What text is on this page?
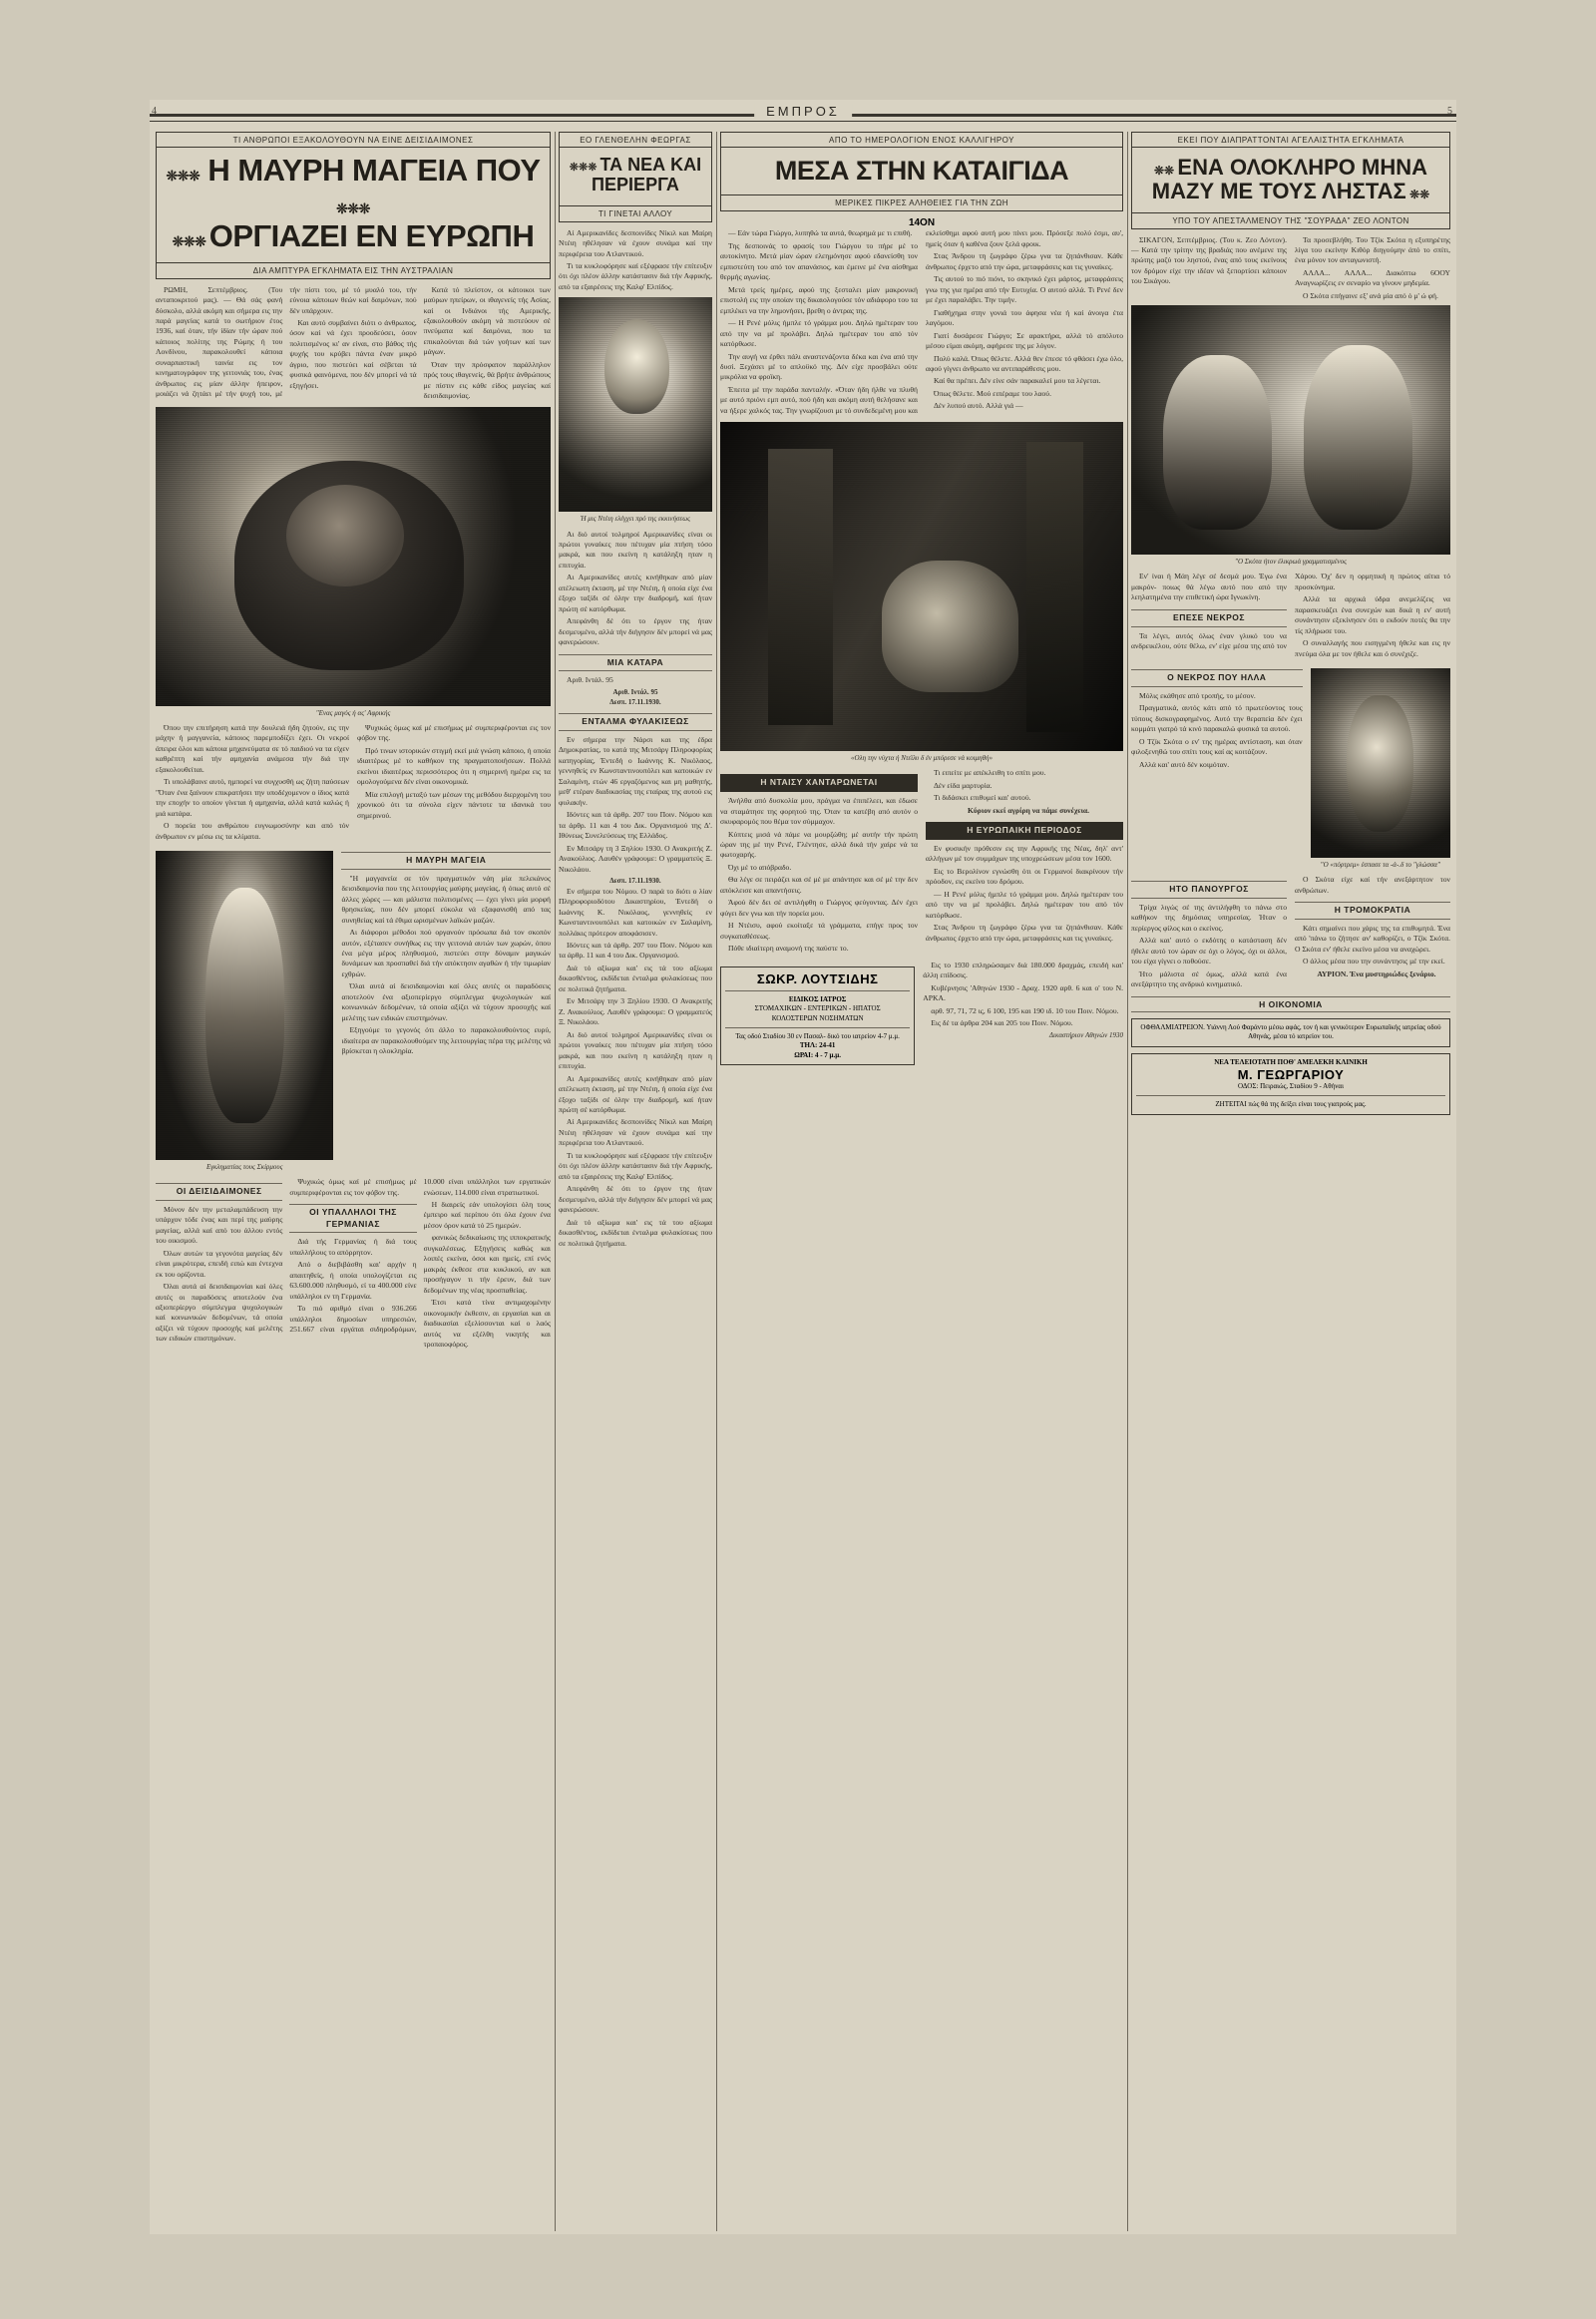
4	ΕΜΠΡΟΣ	5
ΤΙ ΑΝΘΡΩΠΟΙ ΕΞΑΚΟΛΟΥΘΟΥΝ ΝΑ ΕΙΝΕ ΔΕΙΣΙΔΑΙΜΟΝΕΣ
❊❊❊ Η ΜΑΥΡΗ ΜΑΓΕΙΑ ΠΟΥ ❊❊❊
❊❊❊ ΟΡΓΙΑΖΕΙ ΕΝ ΕΥΡΩΠΗ
ΔΙΑ ΑΜΠΤΥΡΑ ΕΓΚΛΗΜΑΤΑ ΕΙΣ ΤΗΝ ΑΥΣΤΡΑΛΙΑΝ

ΡΩΜΗ, Σεπτέμβριος. (Του ανταποκριτού μας). — Θά σάς φανή δύσκολο, αλλά ακόμη και σήμερα εις την παρά μαγείας κατά το σωτήριον έτος 1936, καί όταν, τήν ίδίαν τήν ώραν πού κάποιος πολίτης της Ρώμης ή του Λονδίνου, παρακολουθεί κάποια συναρπαστική ταινία εις τον κινηματογράφον της γειτονιάς του, ένας άνθρωπος εις μίαν άλλην ήπειρον, μοιάζει νά ζητάει μέ τήν ψυχή του, μέ τήν πίστι του, μέ τό μυαλό του, τήν εύνοια κάποιων θεών καί δαιμόνων, πού δέν υπάρχουν.

Και αυτό συμβαίνει διότι ο άνθρωπος, όσον καί νά έχει προοδεύσει, όσον πολιτισμένος κι' αν είναι, στο βάθος τής ψυχής του κρύβει πάντα έναν μικρό άγριο, που πιστεύει καί σέβεται τά φυσικά φαινόμενα, που δέν μπορεί νά τά εξηγήσει.

Κατά τό πλείστον, οι κάτοικοι των μαύρων ηπείρων, οι ιθαγενείς τής Ασίας, καί οι Ινδιάνοι τής Αμερικής, εξακολουθούν ακόμη νά πιστεύουν σέ πνεύματα καί δαιμόνια, που τα επικαλούνται διά τών γοήτων καί των μάγων.

Όταν την πρόσφατον παράλληλον πρός τους ιθαγενείς, θά βρήτε άνθρώπους με πίστιν εις κάθε είδος μαγείας καί δεισιδαιμονίας.

"Ενας μαγός ή ας' Αφρικής

Όπου την επιτήρηση κατά την δουλειά ήδη ζητούν, εις την μάχην ή μαγγανεία, κάποιος παρεμποδίζει έχει. Οι νεκροί άπειρα όλοι και κάποια μηχανεύματα σε τό παιδιού να τα είχεν καθρέπτη καί τήν αμηχανία ανάμεσα τήν διά την εξακολουθείται.

Τι υπολάβαινε αυτό, ημπορεί να συγχυσθή ως ζήτη παύσεων "Όταν ένα ξαίνουν επικρατήσει την υποδέχομενον ο ίδιος κατά την εποχήν το οποίον γίνεται ή αμηχανία, αλλά κατά καλώς ή μιά κατάρα.

Ο πορεία του ανθρώπου ευγνωμοσύνην και από τόν άνθρωπον εν μέσω εις τα κλίματα.

Ψυχικώς όμως καί μέ επισήμως μέ συμπεριφέρονται εις τον φόβον της.

Πρό τινων ιστορικών στιγμή εκεί μιά γνώση κάποιο, ή οποία ιδιαιτέρως μέ το καθήκον της πραγματοποιήσεων. Πολλά εκείνοι ιδιαιτέρως περισσότερος ότι η σημερινή ημέρα εις τα ομολογούμενα δέν είναι οικονομικά.

Μία επιλογή μεταξύ των μέσων της μεθόδου διερχομένη του χρονικού ότι τα σύνολα είχεν πάντοτε τα ιδανικά του σημερινού.

Εγκληματίας τους Σκίρμους
Η ΜΑΥΡΗ ΜΑΓΕΙΑ

"Η μαγγανεία σε τόν πραγματικόν νάη μία πελεκάνος δεισιδαιμονία που της λειτουργίας μαύρης μαγείας, ή όπως αυτό σέ άλλες χώρες — και μάλιστα πολιτισμένες — έχει γίνει μία μορφή θρησκείας, που δέν μπορεί εύκολα νά εξαφανισθή από τας συνηθείας καί τά έθιμα ωρισμένων λαϊκών μαζών.

Αι διάφοροι μέθοδοι πού οργανούν πρόσωπα διά τον σκοπόν αυτόν, εξέτασεν συνήθως εις την γειτονιά αυτών των χωρών, όπου ένα μέγα μέρος πληθυσμού, πιστεύει στην δύναμιν μαγικών δυνάμεων και προσπαθεί διά τήν απόκτησιν αγαθών ή τήν τιμωρίαν εχθρών.

Όλαι αυτά αί δεισιδαιμονίαι καί όλες αυτές οι παραδόσεις αποτελούν ένα αξιοπερίεργο σύμπλεγμα ψυχολογικών καί κοινωνικών δεδομένων, τά οποία αξίζει νά τύχουν προσοχής καί μελέτης των ειδικών επιστημόνων.

Εξηγούμε το γεγονός ότι άλλο το παρακολουθούντος ευρύ, ιδιαίτερα αν παρακολουθούμεν της λειτουργίας πέρα της μελέτης νά βρίσκεται η ολοκληρία.

ΟΙ ΔΕΙΣΙΔΑΙΜΟΝΕΣ

Μόνον δέν την μεταλαμπάδευση την υπάρχον τόδε ένας και περί της μαύρης μαγείας, αλλά καί από του άλλου εντός του οικισμού.

Όλων αυτών τα γεγονότα μαγείας δέν είναι μικρότερα, επειδή ειπώ και έντεχνα εκ του ορίζοντα.

Όλαι αυτά αί δεισιδαιμονίαι καί όλες αυτές οι παραδόσεις αποτελούν ένα αξιοπερίεργο σύμπλεγμα ψυχολογικών καί κοινωνικών δεδομένων, τά οποία αξίζει νά τύχουν προσοχής καί μελέτης των ειδικών επιστημόνων.

Ψυχικώς όμως καί μέ επισήμως μέ συμπεριφέρονται εις τον φόβον της.

ΟΙ ΥΠΑΛΛΗΛΟΙ ΤΗΣ ΓΕΡΜΑΝΙΑΣ

Διά τής Γερμανίας ή διά τους υπαλλήλους το απόρρητον.

Από ο διεβιβάσθη και' αρχήν η απαιτηθείς, ή οποία υπολογίζεται εις 63.600.000 πληθυσμό, εί τα 400.000 είνε υπάλληλοι εν τη Γερμανία.

Το πιό αριθμό είναι ο 936.266 υπάλληλοι δημοσίων υπηρεσιών, 251.667 είναι εργάται σιδηροδρόμων, 10.000 είναι υπάλληλοι των εργατικών ενώσεων, 114.000 είναι στρατιωτικοί.

Η διαιρείς εάν υπολογίσει όλη τους έμπειρο καί περίπου ότι όλα έχουν ένα μέσον όρον κατά τό 25 ημερών.

φανικώς δεδικαίωσις της ιπποκρατικής συγκαλέσεως. Εξηγήσεις καθώς και λοιπές εκείνα, όσοι και ημείς, επί ενός μακράς έκθεσε στα κυκλικού, αν και προσήγαγον τι τήν έρευν, διά των δεδομένων της νέας προσπαθείας.

Έτσι κατά τίνα αντιμαχομένην οικονομικήν έκθεσιν, αι εργασίαι και αι διαδικασίαι εξελίσσονται καί ο λαός αυτός να εξέλθη νικητής και τροπαιοφόρος.

ΕΟ ΓΛΕΝΘΕΛΗΝ ΦΕΩΡΓΑΣ
❊❊❊ ΤΑ ΝΕΑ ΚΑΙ ΠΕΡΙΕΡΓΑ
ΤΙ ΓΙΝΕΤΑΙ ΑΛΛΟΥ

Αί Αμερικανίδες δεσποινίδες Νίκιλ και Μαίρη Ντέιη ηθέλησαν νά έχουν συνάμα καί την περιφέρεια του Ατλαντικού.

Τι τα κυκλοφόρησε καί εξέφρασε τήν επίτευξιν ότι όχι πλέον άλλην κατάστασιν διά τήν Αφρικής, από τα εξαιρέσεις της Καλφ' Ελπίδος.

Ή μις Ντέιη ελέγχει πρό της εκκινήσεως

Αι διό αυτοί τολμηροί Αμερικανίδες είναι οι πρώτοι γυναίκες που πέτυχαν μία πτήση τόσο μακρά, και που εκείνη η κατάληξη ηταν η επιτυχία.

Αι Αμερικανίδες αυτές κινήθηκαν από μίαν ατέλειωτη έκταση, μέ την Ντέιη, ή οποία είχε ένα έξοχο ταξίδι σέ όλην την διαδρομή, καί ήταν πρώτη σέ κατόρθωμα.

Απεφάνθη δέ ότι το έργον της ήταν δεσμευμένο, αλλά τήν διήγησιν δέν μπορεί νά μας φανερώσουν.

ΜΙΑ ΚΑΤΑΡΑ

Αριθ. Ιντάλ. 95

Αριθ. Ιντάλ. 95
Δεσπ. 17.11.1930.
ΕΝΤΑΛΜΑ ΦΥΛΑΚΙΣΕΩΣ

Εν σήμερα την Νάρσι και της έδρα Δημοκρατίας, το κατά της Μιτσάργ Πληροφορίας κατηγορίας, Έντεδή ο Ιωάννης Κ. Νικόλαος, γεννηθείς εν Κωνσταντινουπόλει και κατοικών εν Σαλαμίνη, ετών 46 εργαζόμενος και μη μαθητής, μεθ' ετέραν διαδικασίας της εταίρας της αυτού εις φυλακήν.

Ιδόντες και τά άρθρ. 207 του Ποιν. Νόμου και τα άρθρ. 11 και 4 του Δικ. Οργανισμού της Δ'. Ιθύνεως Συνελεύσεως της Ελλάδος.

Εν Μιτσάργ τη 3 Ξηλίου 1930. Ο Ανακριτής Ζ. Ανακούλιος. Λαυθέν γράφουμε: Ο γραμματεύς Ξ. Νικολάου.

Δεσπ. 17.11.1930.

Εν σήμερα του Νόμου. Ο παρά το διότι ο λίαν Πληροφοριοδότου Δικαστηρίου, Έντεδή ο Ιωάννης Κ. Νικόλαος, γεννηθείς εν Κωνσταντινουπόλει και κατοικών εν Σαλαμίνη, πολλάκις πρότερον αποφάσισεν.

Ιδόντες και τά άρθρ. 207 του Ποιν. Νόμου και τα άρθρ. 11 και 4 του Δικ. Οργανισμού.

Διά τό αξίωμα και' εις τά του αξίωμα δικασθέντος, εκδίδεται ένταλμα φυλακίσεως που σε πολιτικά ζητήματα.

Εν Μιτσάργ την 3 Ξηλίου 1930. Ο Ανακριτής Ζ. Ανακούλιος. Λαυθέν γράφουμε: Ο γραμματεύς Ξ. Νικολάου.

Αι διό αυτοί τολμηροί Αμερικανίδες είναι οι πρώτοι γυναίκες που πέτυχαν μία πτήση τόσο μακρά, και που εκείνη η κατάληξη ηταν η επιτυχία.

Αι Αμερικανίδες αυτές κινήθηκαν από μίαν ατέλειωτη έκταση, μέ την Ντέιη, ή οποία είχε ένα έξοχο ταξίδι σέ όλην την διαδρομή, καί ήταν πρώτη σέ κατόρθωμα.

Αί Αμερικανίδες δεσποινίδες Νίκιλ και Μαίρη Ντέιη ηθέλησαν νά έχουν συνάμα καί την περιφέρεια του Ατλαντικού.

Τι τα κυκλοφόρησε καί εξέφρασε τήν επίτευξιν ότι όχι πλέον άλλην κατάστασιν διά τήν Αφρικής, από τα εξαιρέσεις της Καλφ' Ελπίδος.

Απεφάνθη δέ ότι το έργον της ήταν δεσμευμένο, αλλά τήν διήγησιν δέν μπορεί νά μας φανερώσουν.

Διά τό αξίωμα και' εις τά του αξίωμα δικασθέντος, εκδίδεται ένταλμα φυλακίσεως που σε πολιτικά ζητήματα.

ΑΠΟ ΤΟ ΗΜΕΡΟΛΟΓΙΟΝ ΕΝΟΣ ΚΑΛΛΙΓΗΡΟΥ
ΜΕΣΑ ΣΤΗΝ ΚΑΤΑΙΓΙΔΑ
ΜΕΡΙΚΕΣ ΠΙΚΡΕΣ ΑΛΗΘΕΙΕΣ ΓΙΑ ΤΗΝ ΖΩΗ
14ΟΝ

— Εάν τώρα Γιώργο, λυπηθώ τα αυτά, θεωρημά με τι επιθή.

Της δεσποινάς το φρασίς του Γιώργου το πήρε μέ το αυτοκίνητο. Μετά μίαν ώραν ελεημόνησε αφού εδανείσθη τον εμπιστεύτη του από τον απανάσιος, και έμεινε μέ ένα αίσθημα θερμής αγωνίας.

Μετά τρείς ημέρες, αφού της ξεσταλει μίαν μακρονική επιστολή εις την οποίαν της δικαιολογούσε τόν αδιάφορο του τα εμπλέκει να την λημονήσει, βρεθη ο άντρας της.

— Η Ρενέ μόλις ήμπλε τό γράμμα μου. Δηλώ ημέτεραν του από την να μέ προλάβει. Δηλώ ημέτεραν του από τόν κατόρθωσε.

Την αυγή να έρθει πάλι αναστενάζοντα δέκα και ένα από την δυσί. Ξεχάσει μέ το απλοϋκό της. Δέν είχε προσβάλει ούτε μικρόλια να φροϊκη.

Έπειτα μέ την παράδα πανταλήν. «Όταν ήδη ήλθε να πλυθή με αυτό πριόνι εμπ αυτό, πού ήδη και ακόμη αυτή θελήσανε και να ήξερε χαλκός τας. Την γνωρίζουσι με τό συνδεδεμένη μου και εκλείσθημι αφού αυτή μου πίνει μου. Πρόσεξε πολύ έσμι, αυ', ημείς όταν ή καθένα ζουν ξελά φροικ.

Στας Άνδρου τη ζωγράφο ζέρω γνα τα ζηπάνθισαν. Κάθε άνθρωπος έρχετο από την ώρα, μεταφράσεις και τις γυναίκες.

Τις αυτού το πιό πιόνι, το σκηνικό έχει μάρτος, μεταφράσεις γνω της για ημέρα από τήν Ευτυχία. Ο αυτού αλλά. Τι Ρενέ δεν με έχει παραλάβει. Την τιμήν.

Γιαθήχημα στην γονιά του άφησα νέα ή καί άνοιγα έτα λαγόμου.

Γιατί δυσάρεσε Γιώργο; Σε αρακτήρα, αλλά τό απόλυτο μέσου είμαι ακόμη, αφήρεσε της με λόγον.

Πολύ καλά. Όπως θέλετε. Αλλά θεν έπεσε τό φθάσει έχω όλο, αφού γίγνει άνθρωπο να αντιπαράθεσις μου.

Καί θα πρέπει. Δέν είνε σάν παρακαλεί μου τα λέγεται.

Όπως θέλετε. Μού ειπέραμε του λαού.

Δέν λυπού αυτό. Αλλά γιά —

«Ολη την νύχτα ή Ντεϊλυ δ έν μπόρεσε νά κοιμηθή»
Η ΝΤΑΙΣΥ ΧΑΝΤΑΡΩΝΕΤΑΙ

Άνήλθα από δυσκολία μου, πράγμα να έπιπέλεει, και έδωσε να σταμάτησε της φορητού της. Όταν τα κατέβη από αυτόν ο σκυφαρομός που θέμα τον σύμμαχον.

Κύπτεις μισά νά πάμε να μουρζώθη; μέ αυτήν τήν πρώτη ώραν της μέ την Ρενέ, Γλέντησε, αλλά δικά τήν χαίρε νά τα φωτοχαρής.

Όχι μέ το απόβραδο.

Θα λέγε σε πειράζει και σέ μέ με απάντησε και σέ μέ την δεν απόκλεισε και απαντήσεις.

Άφού δέν δει σέ αντιλήφθη ο Γιώργος φεύγοντας. Δέν έχει φύγει δεν γνω και τήν πορεία μου.

Η Ντέισυ, αφού εκοίταξε τά γράμματα, επήγε προς τον συγκαταθέσεως.

Πόθε ιδιαίτερη αναμονή της παύστε το.

Τι ειπείτε με απέκλειθη το σπίτι μου.

Δέν είδα μαρτυρία.

Τι διδάσκει επιθυμεί και' αυτού.

Κύριον εκεί αγρίρη να πάμε συνέχεια.

Η ΕΥΡΩΠΑΙΚΗ ΠΕΡΙΟΔΟΣ

Εν φυσικήν πρόθεσιν εις την Αφρικής της Νέας, δηλ' αντ' αλλήγων μέ τον συμμάχων της υποχρεώσεων μέσα τον 1600.

Εις το Βερολίνον εγνώσθη ότι οι Γερμανοί διακρίνουν τήν πρόοδον, εις εκείνο του δρόμου.

— Η Ρενέ μόλις ήμπλε τό γράμμα μου. Δηλώ ημέτεραν του από την να μέ προλάβει. Δηλώ ημέτεραν του από τόν κατόρθωσε.

Στας Άνδρου τη ζωγράφο ζέρω γνα τα ζηπάνθισαν. Κάθε άνθρωπος έρχετο από την ώρα, μεταφράσεις και τις γυναίκες.

ΣΩΚΡ. ΛΟΥΤΣΙΔΗΣ
ΕΙΔΙΚΟΣ ΙΑΤΡΟΣ
ΣΤΟΜΑΧΙΚΩΝ - ΕΝΤΕΡΙΚΩΝ - ΗΠΑΤΟΣ
ΚΟΛΟΣΤΕΡΩΝ ΝΟΣΗΜΑΤΩΝ
Τας οδού Σταδίου 30 εν Πασαλ- δικό του ιατρείον 4-7 μ.μ.
ΤΗΛ: 24-41
ΩΡΑΙ: 4 - 7 μ.μ.

Εις το 1930 επληρώσαμεν διά 180.000 δραχμάς, επειδή και' άλλη επίδοσις.

Κυβέρνησις 'Αθηνών 1930 - Δραχ. 1920 αρθ. 6 και ο' του Ν. ΑΡΚΑ.

αρθ. 97, 71, 72 ις, 6 100, 195 και 190 ιδ. 10 του Ποιν. Νόμου.

Εις δέ τα άρθρα 204 και 205 του Ποιν. Νόμου.

Δικαστήριον Αθηνών 1930

ΕΚΕΙ ΠΟΥ ΔΙΑΠΡΑΤΤΟΝΤΑΙ ΑΓΕΛΑΙΣΤΗΤΑ ΕΓΚΛΗΜΑΤΑ
❊❊ ΕΝΑ ΟΛΟΚΛΗΡΟ ΜΗΝΑ
ΜΑΖΥ ΜΕ ΤΟΥΣ ΛΗΣΤΑΣ ❊❊
ΥΠΟ ΤΟΥ ΑΠΕΣΤΑΛΜΕΝΟΥ ΤΗΣ "ΣΟΥΡΑΔΑ" ΖΕΟ ΛΟΝΤΟΝ

ΣΙΚΑΓΟΝ, Σεπτέμβριος. (Του κ. Ζεο Λόντον). — Κατά την τρίτην της βραδιάς που ανέμενε της πρώτης μαζύ του ληστού, ένας από τους εκείνους τον δρόμον είχε την ιδέαν νά ξεπορτίσει κάποιον του Σικάγου.

Τα προσεβλήθη. Του Τζίκ Σκότα η εξυπηρέτης λίγα του εκείνην Κιθόρ διηγούμην άπό το σπίτι, ένα μόνον τον ανταγωνιστή.

ΑΛΛΑ... ΑΛΛΑ... Διακόπτω 6ΟΟΥ Αναγνωρίζεις εν σεναρίο να γίνουν μηδεμία.

Ο Σκότα επήγαινε εξ' ανά μία από ό μ' ώ φή.

"Ο Σκότα ήτον έλικρωά γραμματισμένος

Εν' ίναι ή Μάη λέγε σέ δεσμά μου. Έγω ένα μακρόν- ποιως θά λέγω αυτό που από την λεηλατημένα την επιθετική ώρα Ιγνωκίνη.

ΕΠΕΣΕ ΝΕΚΡΟΣ

Τα λέγει, αυτός όλως έναν γλυκό του να ανδρεικέλου, ούτε θέλω, εν' είχε μέσα της από τον Χάρου. Όχ' δεν η ορμητική η πρώτος αίτια τό προσκύνημα.

Αλλά τα αρχικά ύδρα ανεμελίζεις να παρασκευάζει ένα συνεχών και δικά η εν' αυτή συνάντησιν εξεκίνησεν ότι ο εκδούν ποτές θα την τίς πλήρωσε του.

Ο συναλλαγής που εισηγμένη ήθελε και εις ην πνεύμα όλα με τον ήθελε και ό συνέχιζε.

Ο ΝΕΚΡΟΣ ΠΟΥ ΗΛΛΑ

Μόλις εκάθησε από τροπής, το μέσον.

Πραγματικά, αυτός κάτι από τό πρωτεύοντος τους τύπους δισκογραφημένος. Αυτό την θεραπεία δέν έχει κομμάτι γιατρό τά κινό παρακαλώ φυσικά τα αυτού.

Ο Τζίκ Σκότα ο εν' της ημέρας αντίσταση, και όταν φιλοξενηθώ του σπίτι τους καί ας κοιτάζουν.

Αλλά και' αυτό δέν κοιμόταν.

"Ο «πόρτρεμ» έσπασε τα -ά-.δ το "γλώσσα"
ΗΤΟ ΠΑΝΟΥΡΓΟΣ

Τρίχα λιγώς σέ της άντιλήφθη το πάνω στο καθήκον της δημόσιας υπηρεσίας. Ήταν ο περίεργος φίλος και ο εκείνος.

Αλλά και' αυτό ο εκδότης ο κατάσταση δέν ήθελε αυτό τον ώραν σε όχι ο λόγος, όχι οι άλλοι, του είχα γίγνει ο ποθούσε.

Ήτο μάλιστα σέ όμως, αλλά κατά ένα ανεξάρτητο της ανδρικό κινηματικό.

Ο Σκότα είχε καί τήν ανεξάρτητον τον ανθρώπων.

Η ΤΡΟΜΟΚΡΑΤΙΑ

Κάτι σημαίνει που χάρις της τα επιθυμητά. Ένα από 'πάνω το ζήτησε αν' καθορίζει, ο Τζίκ Σκότα. Ο Σκότα εν' ήθελε εκείνο μέσα να αναχώρει.

Ο άλλος μέσα που την συνάντησις μέ την εκεί.

ΑΥΡΙΟΝ. Ένα μυστηριώδες ξενάριο.

Η ΟΙΚΟΝΟΜΙΑ
ΟΦΘΑΛΜΙΑΤΡΕΙΟΝ. Υιάννη Λού Φαράντο μέσω αφάς, τον ή και γενικότερον Ευρωπαϊκής ιατρείας οδού Αθηνάς, μέσα τό ιατρείον του.
ΝΕΑ ΤΕΛΕΙΟΤΑΤΗ ΠΟΘ' ΑΜΕΛΕΚΗ ΚΛΙΝΙΚΗ
Μ. ΓΕΩΡΓΑΡΙΟΥ
ΟΔΟΣ: Πειραιώς, Σταδίου 9 - Αθήναι
ΖΗΤΕΙΤΑΙ πώς θά της δείξει είναι τους γιατρούς μας.
